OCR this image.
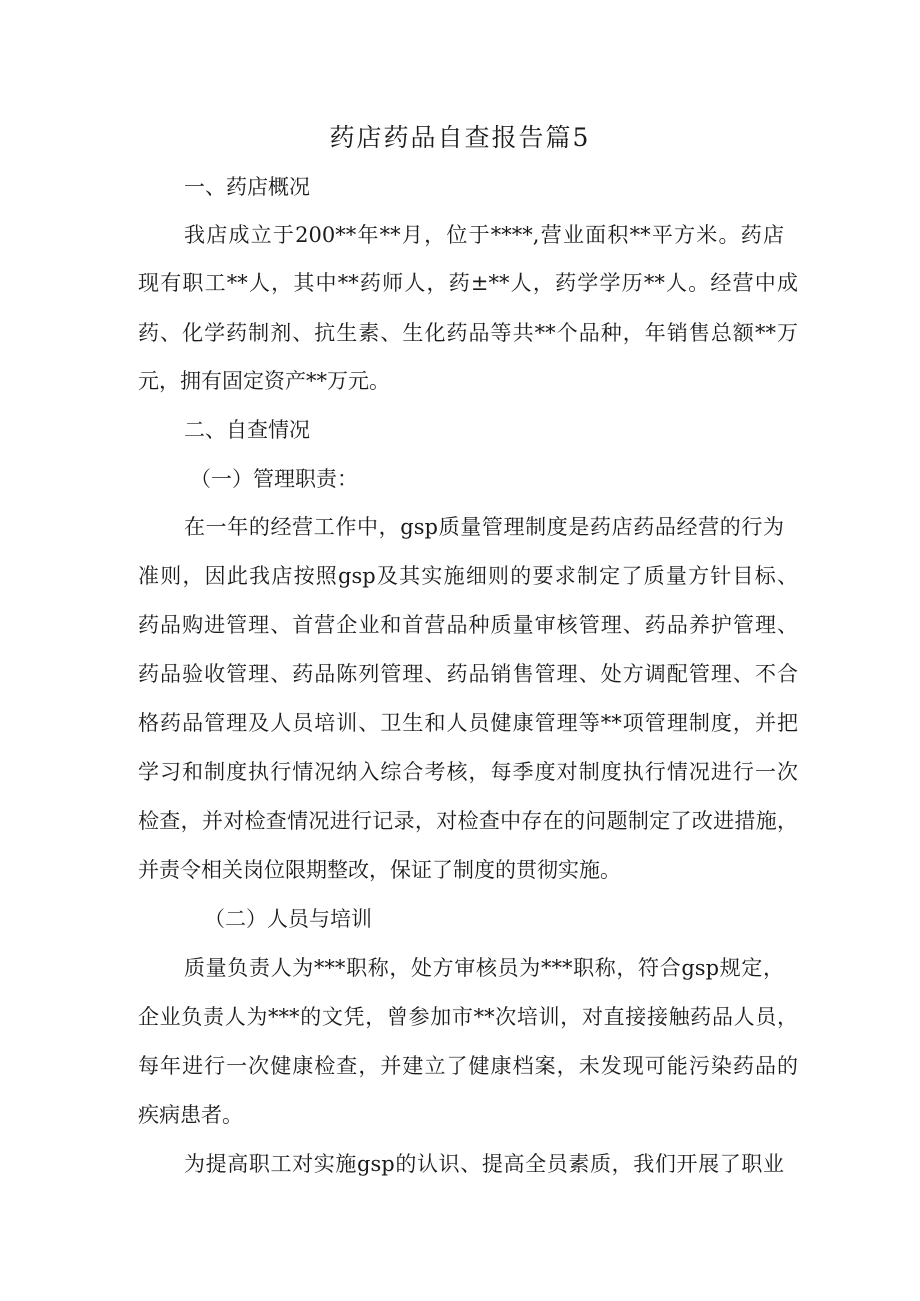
药店药品自查报告篇5
一、药店概况
我店成立于200**年**月，位于****,营业面积**平方米。药店
现有职工**人，其中**药师人，药±**人，药学学历**人。经营中成
药、化学药制剂、抗生素、生化药品等共**个品种，年销售总额**万
元，拥有固定资产**万元。
二、自查情况
（一）管理职责：
在一年的经营工作中，gsp质量管理制度是药店药品经营的行为
准则，因此我店按照gsp及其实施细则的要求制定了质量方针目标、
药品购进管理、首营企业和首营品种质量审核管理、药品养护管理、
药品验收管理、药品陈列管理、药品销售管理、处方调配管理、不合
格药品管理及人员培训、卫生和人员健康管理等**项管理制度，并把
学习和制度执行情况纳入综合考核，每季度对制度执行情况进行一次
检查，并对检查情况进行记录，对检查中存在的问题制定了改进措施，
并责令相关岗位限期整改，保证了制度的贯彻实施。
（二）人员与培训
质量负责人为***职称，处方审核员为***职称，符合gsp规定，
企业负责人为***的文凭，曾参加市**次培训，对直接接触药品人员，
每年进行一次健康检查，并建立了健康档案，未发现可能污染药品的
疾病患者。
为提高职工对实施gsp的认识、提高全员素质，我们开展了职业
